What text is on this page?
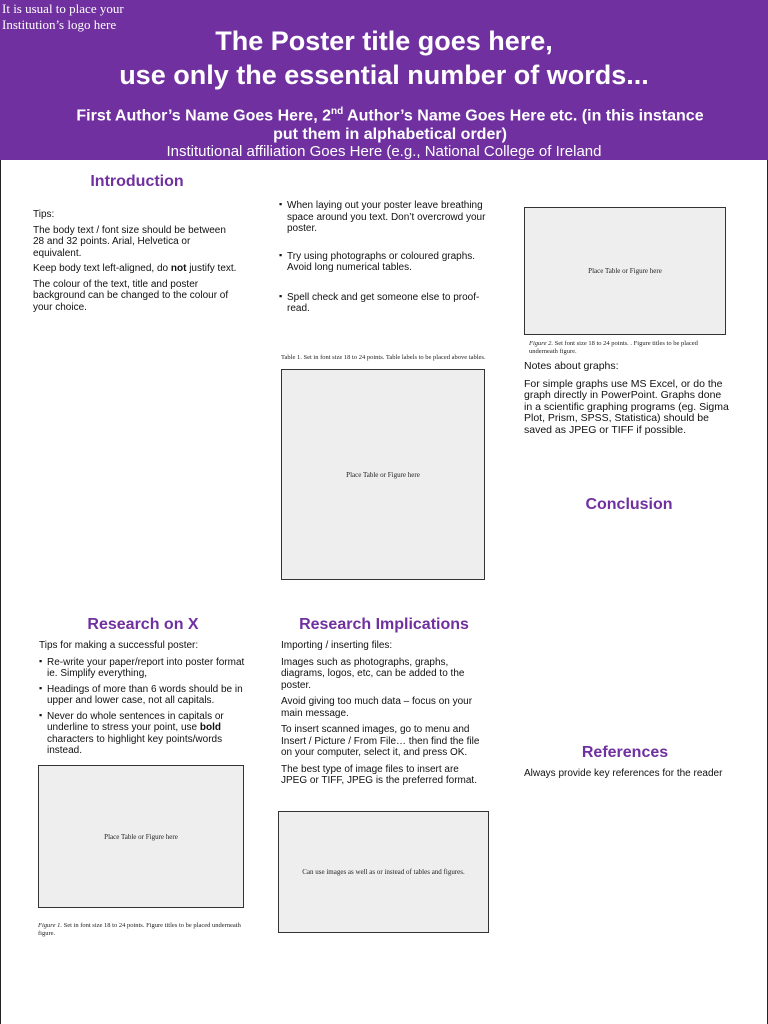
It is usual to place your Institution’s logo here
The Poster title goes here,
use only the essential number of words...
First Author’s Name Goes Here, 2nd Author’s Name Goes Here etc. (in this instance put them in alphabetical order)
Institutional affiliation Goes Here (e.g., National College of Ireland
Introduction

Tips:

The body text / font size should be between 28 and 32 points. Arial, Helvetica or equivalent.

Keep body text left-aligned, do not justify text.

The colour of the text, title and poster background can be changed to the colour of your choice.

▪ When laying out your poster leave breathing space around you text. Don’t overcrowd your poster.
▪ Try using photographs or coloured graphs. Avoid long numerical tables.
▪ Spell check and get someone else to proof-read.
Table 1. Set in font size 18 to 24 points. Table labels to be placed above tables.
Place Table or Figure here
Place Table or Figure here
Figure 2. Set font size 18 to 24 points. . Figure titles to be placed underneath figure.

Notes about graphs:

For simple graphs use MS Excel, or do the graph directly in PowerPoint. Graphs done in a scientific graphing programs (eg. Sigma Plot, Prism, SPSS, Statistica) should be saved as JPEG or TIFF if possible.

Conclusion
Research on X

Tips for making a successful poster:

▪ Re-write your paper/report into poster format ie. Simplify everything,
▪ Headings of more than 6 words should be in upper and lower case, not all capitals.
▪ Never do whole sentences in capitals or underline to stress your point, use bold characters to highlight key points/words instead.
Place Table or Figure here
Figure 1. Set in font size 18 to 24 points. Figure titles to be placed underneath figure.
Research Implications

Importing / inserting files:

Images such as photographs, graphs, diagrams, logos, etc, can be added to the poster.

Avoid giving too much data – focus on your main message.

To insert scanned images, go to menu and Insert / Picture / From File… then find the file on your computer, select it, and press OK.

The best type of image files to insert are JPEG or TIFF, JPEG is the preferred format.

Can use images as well as or instead of tables and figures.
References
Always provide key references for the reader
